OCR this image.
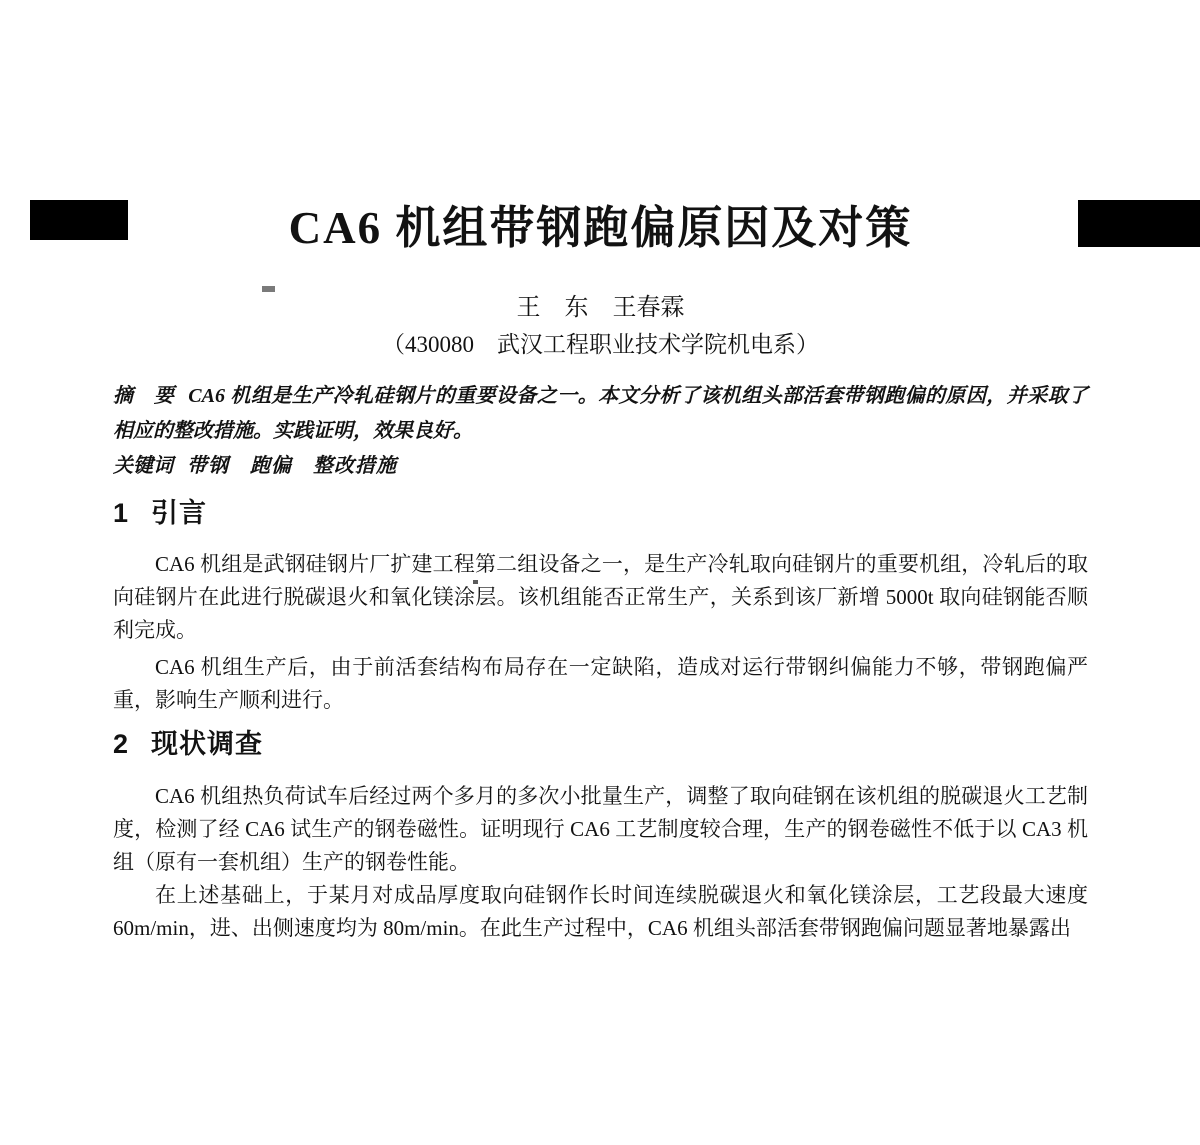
CA6 机组带钢跑偏原因及对策
王　东　王春霖
（430080　武汉工程职业技术学院机电系）

摘　要 CA6 机组是生产冷轧硅钢片的重要设备之一。本文分析了该机组头部活套带钢跑偏的原因，并采取了相应的整改措施。实践证明，效果良好。

关键词 带钢　跑偏　整改措施

1 引言

CA6 机组是武钢硅钢片厂扩建工程第二组设备之一，是生产冷轧取向硅钢片的重要机组，冷轧后的取向硅钢片在此进行脱碳退火和氧化镁涂层。该机组能否正常生产，关系到该厂新增 5000t 取向硅钢能否顺利完成。

CA6 机组生产后，由于前活套结构布局存在一定缺陷，造成对运行带钢纠偏能力不够，带钢跑偏严重，影响生产顺利进行。

2 现状调查

CA6 机组热负荷试车后经过两个多月的多次小批量生产，调整了取向硅钢在该机组的脱碳退火工艺制度，检测了经 CA6 试生产的钢卷磁性。证明现行 CA6 工艺制度较合理，生产的钢卷磁性不低于以 CA3 机组（原有一套机组）生产的钢卷性能。

在上述基础上，于某月对成品厚度取向硅钢作长时间连续脱碳退火和氧化镁涂层，工艺段最大速度 60m/min，进、出侧速度均为 80m/min。在此生产过程中，CA6 机组头部活套带钢跑偏问题显著地暴露出
